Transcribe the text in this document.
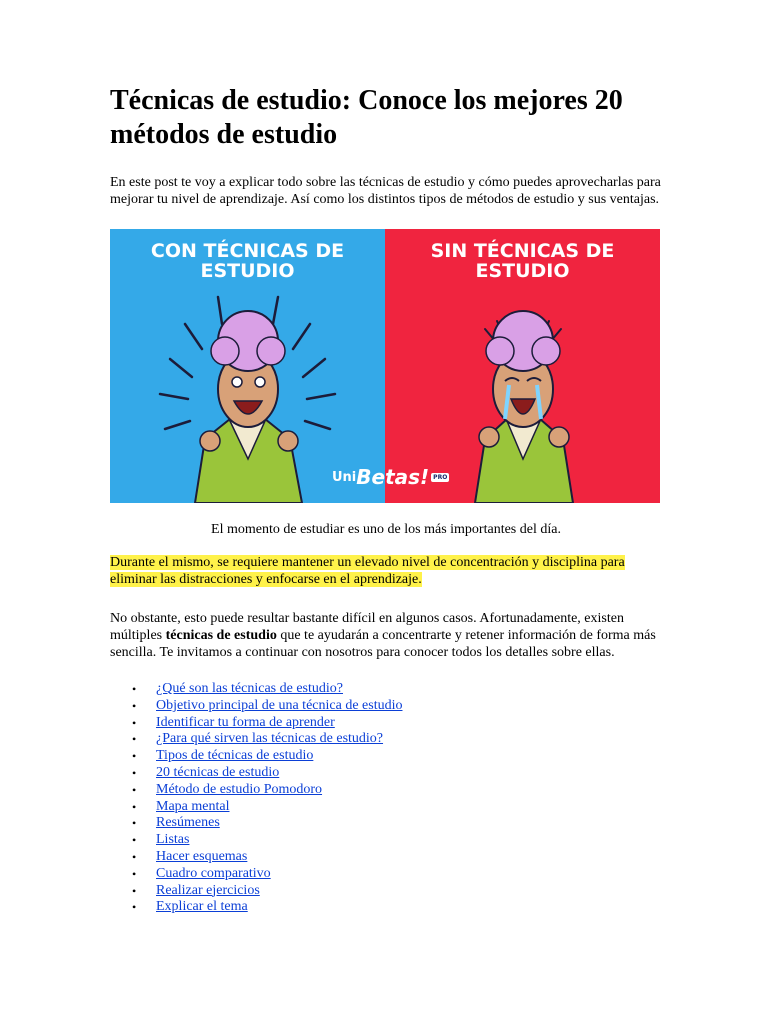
Técnicas de estudio: Conoce los mejores 20 métodos de estudio

En este post te voy a explicar todo sobre las técnicas de estudio y cómo puedes aprovecharlas para mejorar tu nivel de aprendizaje. Así como los distintos tipos de métodos de estudio y sus ventajas.

CON TÉCNICAS DE ESTUDIO
SIN TÉCNICAS DE ESTUDIO
Uni Betas! PRO

El momento de estudiar es uno de los más importantes del día.

Durante el mismo, se requiere mantener un elevado nivel de concentración y disciplina para eliminar las distracciones y enfocarse en el aprendizaje.

No obstante, esto puede resultar bastante difícil en algunos casos. Afortunadamente, existen múltiples técnicas de estudio que te ayudarán a concentrarte y retener información de forma más sencilla. Te invitamos a continuar con nosotros para conocer todos los detalles sobre ellas.

• ¿Qué son las técnicas de estudio?
• Objetivo principal de una técnica de estudio
• Identificar tu forma de aprender
• ¿Para qué sirven las técnicas de estudio?
• Tipos de técnicas de estudio
• 20 técnicas de estudio
• Método de estudio Pomodoro
• Mapa mental
• Resúmenes
• Listas
• Hacer esquemas
• Cuadro comparativo
• Realizar ejercicios
• Explicar el tema
